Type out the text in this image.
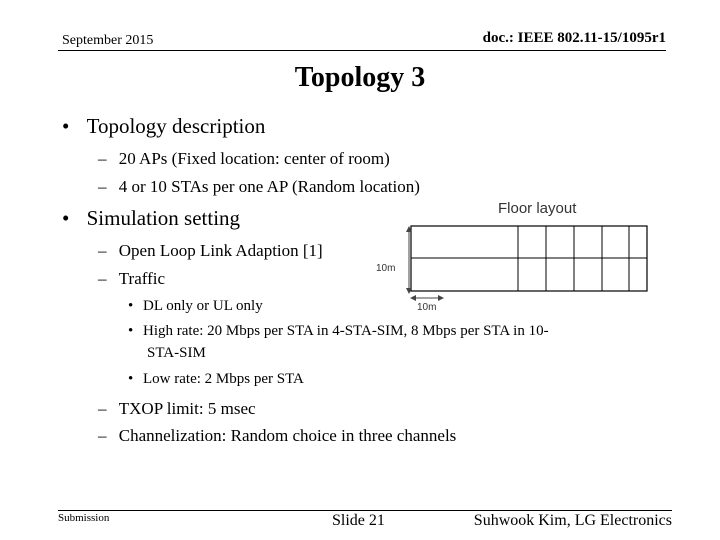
September 2015	doc.: IEEE 802.11-15/1095r1
Topology 3
• Topology description
– 20 APs (Fixed location: center of room)
– 4 or 10 STAs per one AP (Random location)
• Simulation setting
– Open Loop Link Adaption [1]
– Traffic
• DL only or UL only
• High rate: 20 Mbps per STA in 4-STA-SIM, 8 Mbps per STA in 10-
STA-SIM
• Low rate: 2 Mbps per STA
– TXOP limit: 5 msec
– Channelization: Random choice in three channels
Floor layout
10m
10m
Submission	Slide 21	Suhwook Kim, LG Electronics
